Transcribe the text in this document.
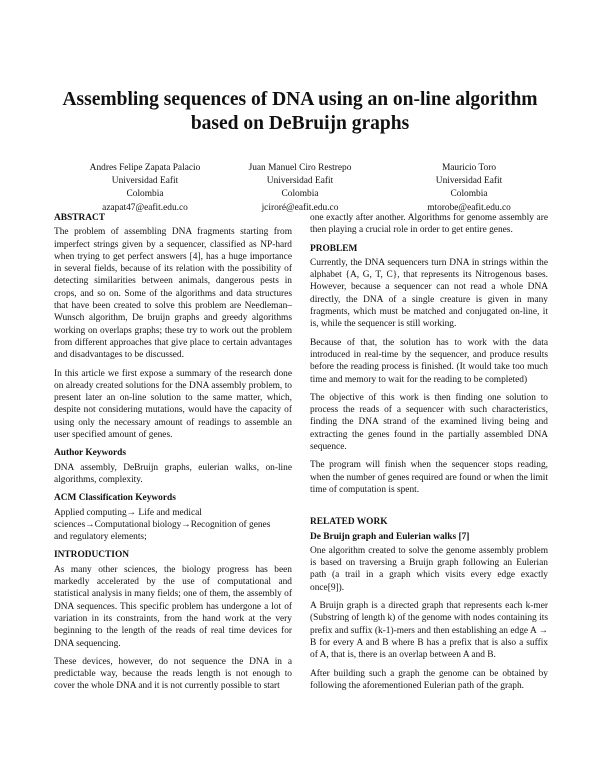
Assembling sequences of DNA using an on-line algorithm based on DeBruijn graphs
Andres Felipe Zapata Palacio
Universidad Eafit
Colombia
azapat47@eafit.edu.co
Juan Manuel Ciro Restrepo
Universidad Eafit
Colombia
jciroré@eafit.edu.co
Mauricio Toro
Universidad Eafit
Colombia
mtorobe@eafit.edu.co
ABSTRACT

The problem of assembling DNA fragments starting from imperfect strings given by a sequencer, classified as NP-hard when trying to get perfect answers [4], has a huge importance in several fields, because of its relation with the possibility of detecting similarities between animals, dangerous pests in crops, and so on. Some of the algorithms and data structures that have been created to solve this problem are Needleman–Wunsch algorithm, De bruijn graphs and greedy algorithms working on overlaps graphs; these try to work out the problem from different approaches that give place to certain advantages and disadvantages to be discussed.

In this article we first expose a summary of the research done on already created solutions for the DNA assembly problem, to present later an on-line solution to the same matter, which, despite not considering mutations, would have the capacity of using only the necessary amount of readings to assemble an user specified amount of genes.

Author Keywords

DNA assembly, DeBruijn graphs, eulerian walks, on-line algorithms, complexity.

ACM Classification Keywords
Applied computing→ Life and medical
sciences→Computational biology→Recognition of genes
and regulatory elements;
INTRODUCTION

As many other sciences, the biology progress has been markedly accelerated by the use of computational and statistical analysis in many fields; one of them, the assembly of DNA sequences. This specific problem has undergone a lot of variation in its constraints, from the hand work at the very beginning to the length of the reads of real time devices for DNA sequencing.

These devices, however, do not sequence the DNA in a predictable way, because the reads length is not enough to cover the whole DNA and it is not currently possible to start

one exactly after another. Algorithms for genome assembly are then playing a crucial role in order to get entire genes.

PROBLEM

Currently, the DNA sequencers turn DNA in strings within the alphabet {A, G, T, C}, that represents its Nitrogenous bases. However, because a sequencer can not read a whole DNA directly, the DNA of a single creature is given in many fragments, which must be matched and conjugated on-line, it is, while the sequencer is still working.

Because of that, the solution has to work with the data introduced in real-time by the sequencer, and produce results before the reading process is finished. (It would take too much time and memory to wait for the reading to be completed)

The objective of this work is then finding one solution to process the reads of a sequencer with such characteristics, finding the DNA strand of the examined living being and extracting the genes found in the partially assembled DNA sequence.

The program will finish when the sequencer stops reading, when the number of genes required are found or when the limit time of computation is spent.

RELATED WORK
De Bruijn graph and Eulerian walks [7]

One algorithm created to solve the genome assembly problem is based on traversing a Bruijn graph following an Eulerian path (a trail in a graph which visits every edge exactly once[9]).

A Bruijn graph is a directed graph that represents each k-mer (Substring of length k) of the genome with nodes containing its prefix and suffix (k-1)-mers and then establishing an edge A → B for every A and B where B has a prefix that is also a suffix of A, that is, there is an overlap between A and B.

After building such a graph the genome can be obtained by following the aforementioned Eulerian path of the graph.
